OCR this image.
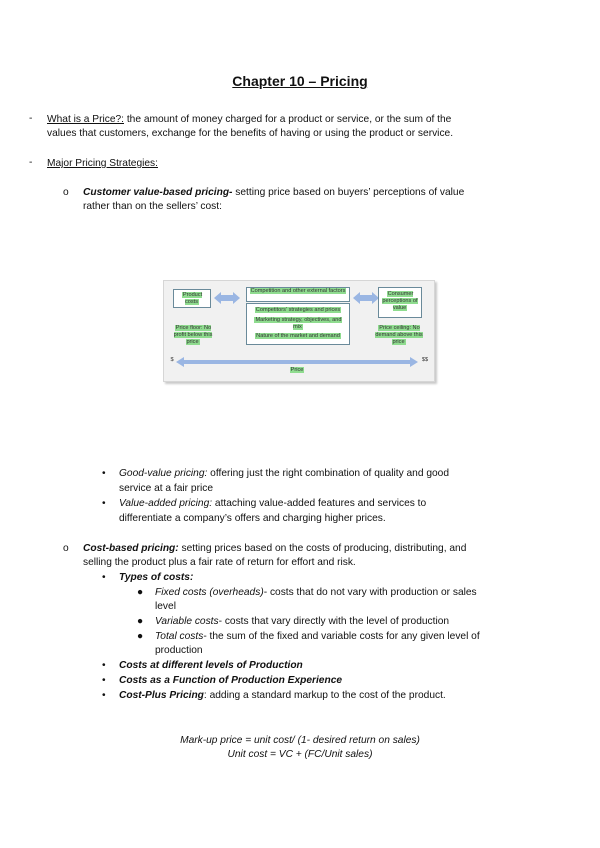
Chapter 10 – Pricing
- What is a Price?: the amount of money charged for a product or service, or the sum of the
values that customers, exchange for the benefits of having or using the product or service.
- Major Pricing Strategies:
o Customer value-based pricing- setting price based on buyers’ perceptions of value
rather than on the sellers’ cost:
Product costs
Competition and other external factors
Competitors' strategies and prices
Marketing strategy, objectives, and mix
Nature of the market and demand
Consumer perceptions of value
Price floor: No profit below this price
Price ceiling: No demand above this price
$	$$
Price
• Good-value pricing: offering just the right combination of quality and good
service at a fair price
• Value-added pricing: attaching value-added features and services to
differentiate a company’s offers and charging higher prices.
o Cost-based pricing: setting prices based on the costs of producing, distributing, and
selling the product plus a fair rate of return for effort and risk.
• Types of costs:
● Fixed costs (overheads)- costs that do not vary with production or sales
level
● Variable costs- costs that vary directly with the level of production
● Total costs- the sum of the fixed and variable costs for any given level of
production
• Costs at different levels of Production
• Costs as a Function of Production Experience
• Cost-Plus Pricing: adding a standard markup to the cost of the product.
Mark-up price = unit cost/ (1- desired return on sales)
Unit cost = VC + (FC/Unit sales)
